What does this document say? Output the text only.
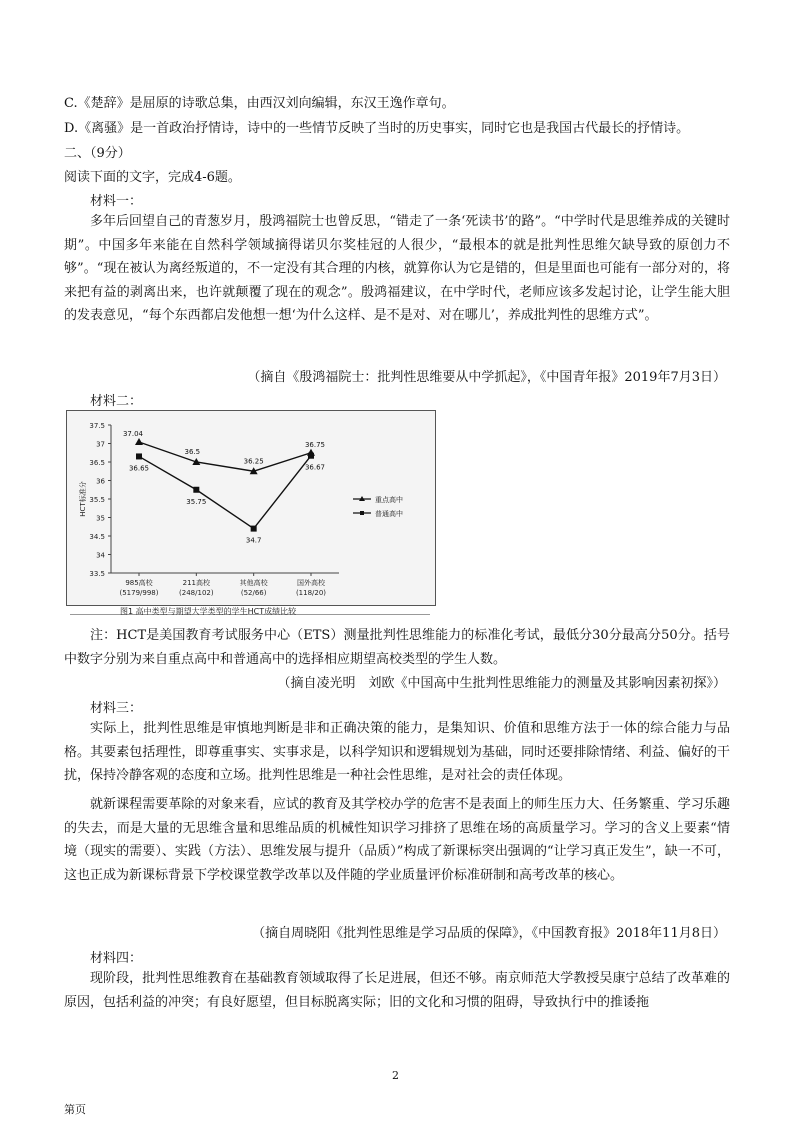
C.《楚辞》是屈原的诗歌总集，由西汉刘向编辑，东汉王逸作章句。
D.《离骚》是一首政治抒情诗，诗中的一些情节反映了当时的历史事实，同时它也是我国古代最长的抒情诗。
二、（9分）
阅读下面的文字，完成4-6题。
材料一：
多年后回望自己的青葱岁月，殷鸿福院士也曾反思，“错走了一条‘死读书’的路”。“中学时代是思维养成的关键时期”。中国多年来能在自然科学领域摘得诺贝尔奖桂冠的人很少，“最根本的就是批判性思维欠缺导致的原创力不够”。“现在被认为离经叛道的，不一定没有其合理的内核，就算你认为它是错的，但是里面也可能有一部分对的，将来把有益的剥离出来，也许就颠覆了现在的观念”。殷鸿福建议，在中学时代，老师应该多发起讨论，让学生能大胆的发表意见，“每个东西都启发他想一想‘为什么这样、是不是对、对在哪儿’，养成批判性的思维方式”。
（摘自《殷鸿福院士：批判性思维要从中学抓起》，《中国青年报》2019年7月3日）
材料二：
37.5
37
36.5
36
35.5
35
34.5
34
33.5
HCT标准分
985高校
(5179/998)
211高校
(248/102)
其他高校
(52/66)
国外高校
(118/20)
37.04
36.5
36.25
36.75
36.65
35.75
34.7
36.67
重点高中
普通高中
图1 高中类型与期望大学类型的学生HCT成绩比较
注：HCT是美国教育考试服务中心（ETS）测量批判性思维能力的标准化考试，最低分30分最高分50分。括号中数字分别为来自重点高中和普通高中的选择相应期望高校类型的学生人数。
（摘自凌光明　刘欧《中国高中生批判性思维能力的测量及其影响因素初探》）
材料三：
实际上，批判性思维是审慎地判断是非和正确决策的能力，是集知识、价值和思维方法于一体的综合能力与品格。其要素包括理性，即尊重事实、实事求是，以科学知识和逻辑规划为基础，同时还要排除情绪、利益、偏好的干扰，保持冷静客观的态度和立场。批判性思维是一种社会性思维，是对社会的责任体现。
就新课程需要革除的对象来看，应试的教育及其学校办学的危害不是表面上的师生压力大、任务繁重、学习乐趣的失去，而是大量的无思维含量和思维品质的机械性知识学习排挤了思维在场的高质量学习。学习的含义上要素“情境（现实的需要）、实践（方法）、思维发展与提升（品质）”构成了新课标突出强调的“让学习真正发生”，缺一不可，这也正成为新课标背景下学校课堂教学改革以及伴随的学业质量评价标准研制和高考改革的核心。
（摘自周晓阳《批判性思维是学习品质的保障》，《中国教育报》2018年11月8日）
材料四：
现阶段，批判性思维教育在基础教育领域取得了长足进展，但还不够。南京师范大学教授吴康宁总结了改革难的原因，包括利益的冲突；有良好愿望，但目标脱离实际；旧的文化和习惯的阻碍，导致执行中的推诿拖
2
第页
